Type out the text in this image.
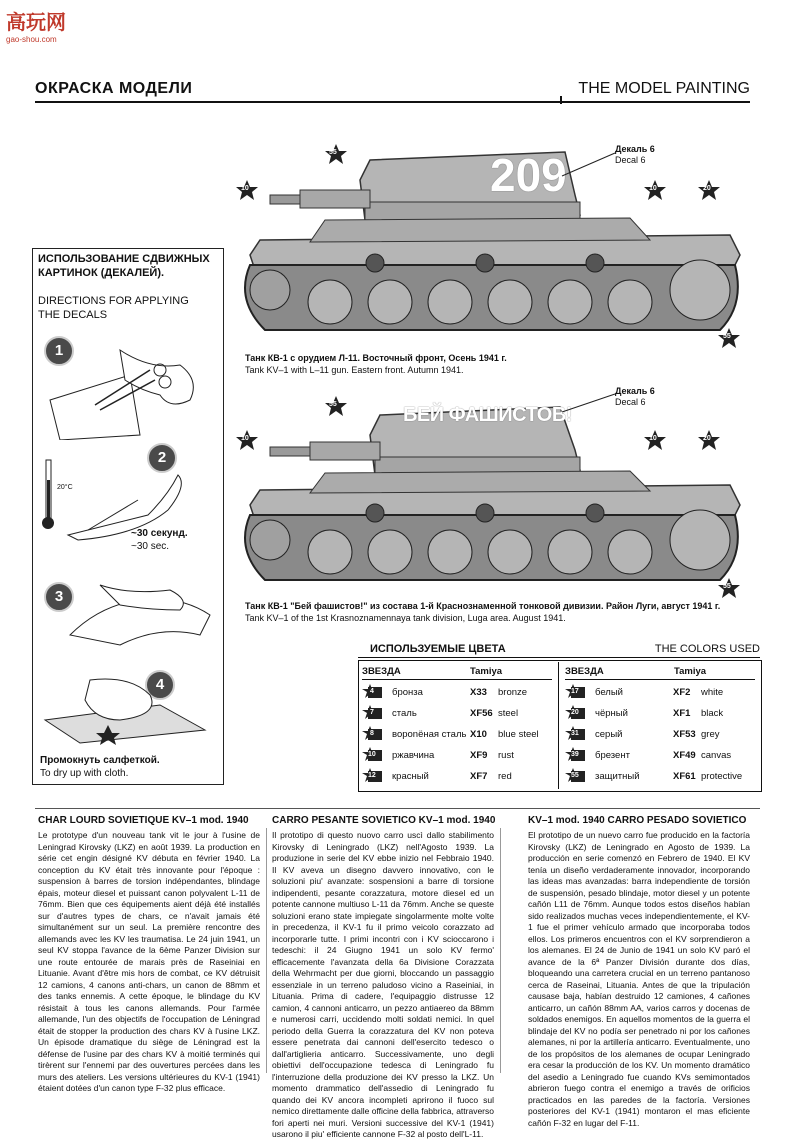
高玩网
gao-shou.com
ОКРАСКА МОДЕЛИ	THE MODEL PAINTING
209	Декаль 6
Decal 6
55
10	10	20
55
Танк КВ-1 с орудием Л-11. Восточный фронт, Осень 1941 г.
Tank KV–1 with L–11 gun. Eastern front. Autumn 1941.
БЕЙ ФАШИСТОВ!
Декаль 6
Decal 6
55
10	10	20
55
Танк КВ-1 "Бей фашистов!" из состава 1-й Краснознаменной тонковой дивизии. Район Луги, август 1941 г.
Tank KV–1 of the 1st Krasnoznamennaya tank division, Luga area. August 1941.
ИСПОЛЬЗОВАНИЕ СДВИЖНЫХ КАРТИНОК (ДЕКАЛЕЙ).
DIRECTIONS FOR APPLYING THE DECALS
1
2
20°C
~30 секунд.
~30 sec.
3
4
Промокнуть салфеткой.
To dry up with cloth.
ИСПОЛЬЗУЕМЫЕ ЦВЕТА	THE COLORS USED
ЗВЕЗДА	Tamiya	ЗВЕЗДА	Tamiya
4 бронза	X33 bronze
7 сталь	XF56 steel
8 ворonёная сталь X10 blue steel
10 ржавчина	XF9 rust
12 красный	XF7 red
17 белый	XF2 white
20 чёрный	XF1 black
31 серый	XF53 grey
39 брезент	XF49 canvas
55 защитный	XF61 protective
CHAR LOURD SOVIETIQUE KV–1 mod. 1940
Le prototype d'un nouveau tank vit le jour à l'usine de Leningrad Kirovsky (LKZ) en août 1939. La production en série cet engin désigné KV débuta en février 1940. La conception du KV était très innovante pour l'époque : suspension à barres de torsion indépendantes, blindage épais, moteur diesel et puissant canon polyvalent L-11 de 76mm. Bien que ces équipements aient déjà été installés sur d'autres types de chars, ce n'avait jamais été simultanément sur un seul. La première rencontre des allemands avec les KV les traumatisa. Le 24 juin 1941, un seul KV stoppa l'avance de la 6ème Panzer Division sur une route entourée de marais près de Raseiniai en Lituanie. Avant d'être mis hors de combat, ce KV détruisit 12 camions, 4 canons anti-chars, un canon de 88mm et des tanks ennemis. A cette époque, le blindage du KV résistait à tous les canons allemands. Pour l'armée allemande, l'un des objectifs de l'occupation de Léningrad était de stopper la production des chars KV à l'usine LKZ. Un épisode dramatique du siège de Léningrad est la défense de l'usine par des chars KV à moitié terminés qui tirèrent sur l'ennemi par des ouvertures percées dans les murs des ateliers. Les versions ultérieures du KV-1 (1941) étaient dotées d'un canon type F-32 plus efficace.
CARRO PESANTE SOVIETICO KV–1 mod. 1940
Il prototipo di questo nuovo carro uscì dallo stabilimento Kirovsky di Leningrado (LKZ) nell'Agosto 1939. La produzione in serie del KV ebbe inizio nel Febbraio 1940. Il KV aveva un disegno davvero innovativo, con le soluzioni piu' avanzate: sospensioni a barre di torsione indipendenti, pesante corazzatura, motore diesel ed un potente cannone multiuso L-11 da 76mm. Anche se queste soluzioni erano state impiegate singolarmente molte volte in precedenza, il KV-1 fu il primo veicolo corazzato ad incorporarle tutte. I primi incontri con i KV scioccarono i tedeschi: il 24 Giugno 1941 un solo KV fermo' efficacemente l'avanzata della 6a Divisione Corazzata della Wehrmacht per due giorni, bloccando un passaggio essenziale in un terreno paludoso vicino a Raseiniai, in Lituania. Prima di cadere, l'equipaggio distrusse 12 camion, 4 cannoni anticarro, un pezzo antiaereo da 88mm e numerosi carri, uccidendo molti soldati nemici. In quel periodo della Guerra la corazzatura del KV non poteva essere penetrata dai cannoni dell'esercito tedesco o dall'artiglieria anticarro. Successivamente, uno degli obiettivi dell'occupazione tedesca di Leningrado fu l'interruzione della produzione dei KV presso la LKZ. Un momento drammatico dell'assedio di Leningrado fu quando dei KV ancora incompleti aprirono il fuoco sul nemico direttamente dalle officine della fabbrica, attraverso fori aperti nei muri. Versioni successive del KV-1 (1941) usarono il piu' efficiente cannone F-32 al posto dell'L-11.
KV–1 mod. 1940 CARRO PESADO SOVIETICO
El prototipo de un nuevo carro fue producido en la factoría Kirovsky (LKZ) de Leningrado en Agosto de 1939. La producción en serie comenzó en Febrero de 1940. El KV tenía un diseño verdaderamente innovador, incorporando las ideas mas avanzadas: barra independiente de torsión de suspensión, pesado blindaje, motor diesel y un potente cañón L11 de 76mm. Aunque todos estos diseños habían sido realizados muchas veces independientemente, el KV-1 fue el primer vehículo armado que incorporaba todos ellos. Los primeros encuentros con el KV sorprendieron a los alemanes. El 24 de Junio de 1941 un solo KV paró el avance de la 6ª Panzer División durante dos días, bloqueando una carretera crucial en un terreno pantanoso cerca de Raseinai, Lituania. Antes de que la tripulación causase baja, habían destruido 12 camiones, 4 cañones anticarro, un cañón 88mm AA, varios carros y docenas de soldados enemigos. En aquellos momentos de la guerra el blindaje del KV no podía ser penetrado ni por los cañones alemanes, ni por la artillería anticarro. Eventualmente, uno de los propósitos de los alemanes de ocupar Leningrado era cesar la producción de los KV. Un momento dramático del asedio a Leningrado fue cuando KVs semimontados abrieron fuego contra el enemigo a través de orificios practicados en las paredes de la factoría. Versiones posteriores del KV-1 (1941) montaron el mas eficiente cañón F-32 en lugar del F-11.
